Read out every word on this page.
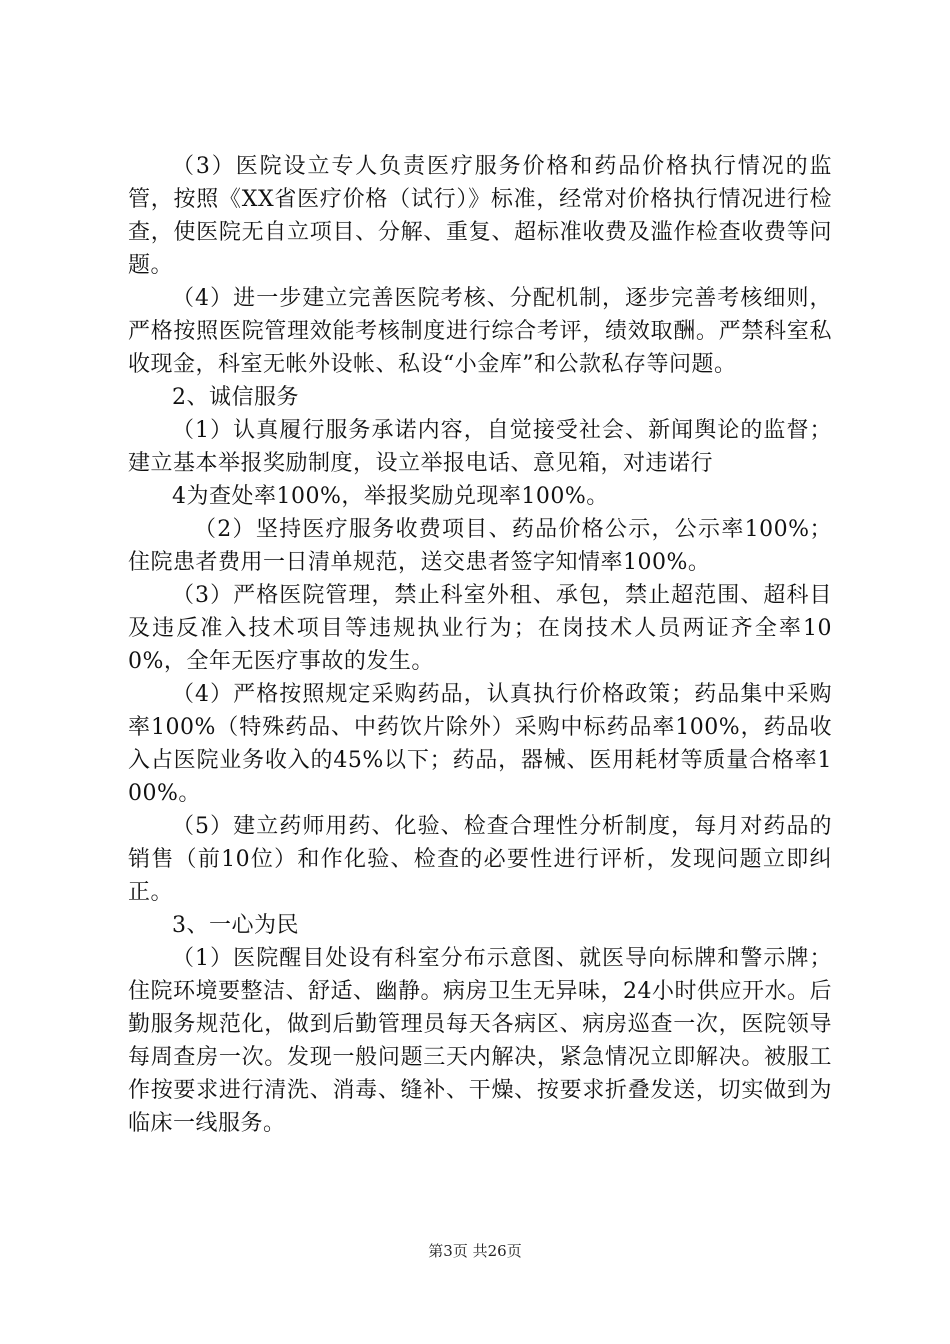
（3）医院设立专人负责医疗服务价格和药品价格执行情况的监管，按照《XX省医疗价格（试行）》标准，经常对价格执行情况进行检查，使医院无自立项目、分解、重复、超标准收费及滥作检查收费等问题。

（4）进一步建立完善医院考核、分配机制，逐步完善考核细则，严格按照医院管理效能考核制度进行综合考评，绩效取酬。严禁科室私收现金，科室无帐外设帐、私设“小金库”和公款私存等问题。

2、诚信服务

（1）认真履行服务承诺内容，自觉接受社会、新闻舆论的监督；建立基本举报奖励制度，设立举报电话、意见箱，对违诺行

4为查处率100%，举报奖励兑现率100%。

（2）坚持医疗服务收费项目、药品价格公示，公示率100%；住院患者费用一日清单规范，送交患者签字知情率100%。

（3）严格医院管理，禁止科室外租、承包，禁止超范围、超科目及违反准入技术项目等违规执业行为；在岗技术人员两证齐全率100%，全年无医疗事故的发生。

（4）严格按照规定采购药品，认真执行价格政策；药品集中采购率100%（特殊药品、中药饮片除外）采购中标药品率100%，药品收入占医院业务收入的45%以下；药品，器械、医用耗材等质量合格率100%。

（5）建立药师用药、化验、检查合理性分析制度，每月对药品的销售（前10位）和作化验、检查的必要性进行评析，发现问题立即纠正。

3、一心为民

（1）医院醒目处设有科室分布示意图、就医导向标牌和警示牌；住院环境要整洁、舒适、幽静。病房卫生无异味，24小时供应开水。后勤服务规范化，做到后勤管理员每天各病区、病房巡查一次，医院领导每周查房一次。发现一般问题三天内解决，紧急情况立即解决。被服工作按要求进行清洗、消毒、缝补、干燥、按要求折叠发送，切实做到为临床一线服务。

第3页 共26页
